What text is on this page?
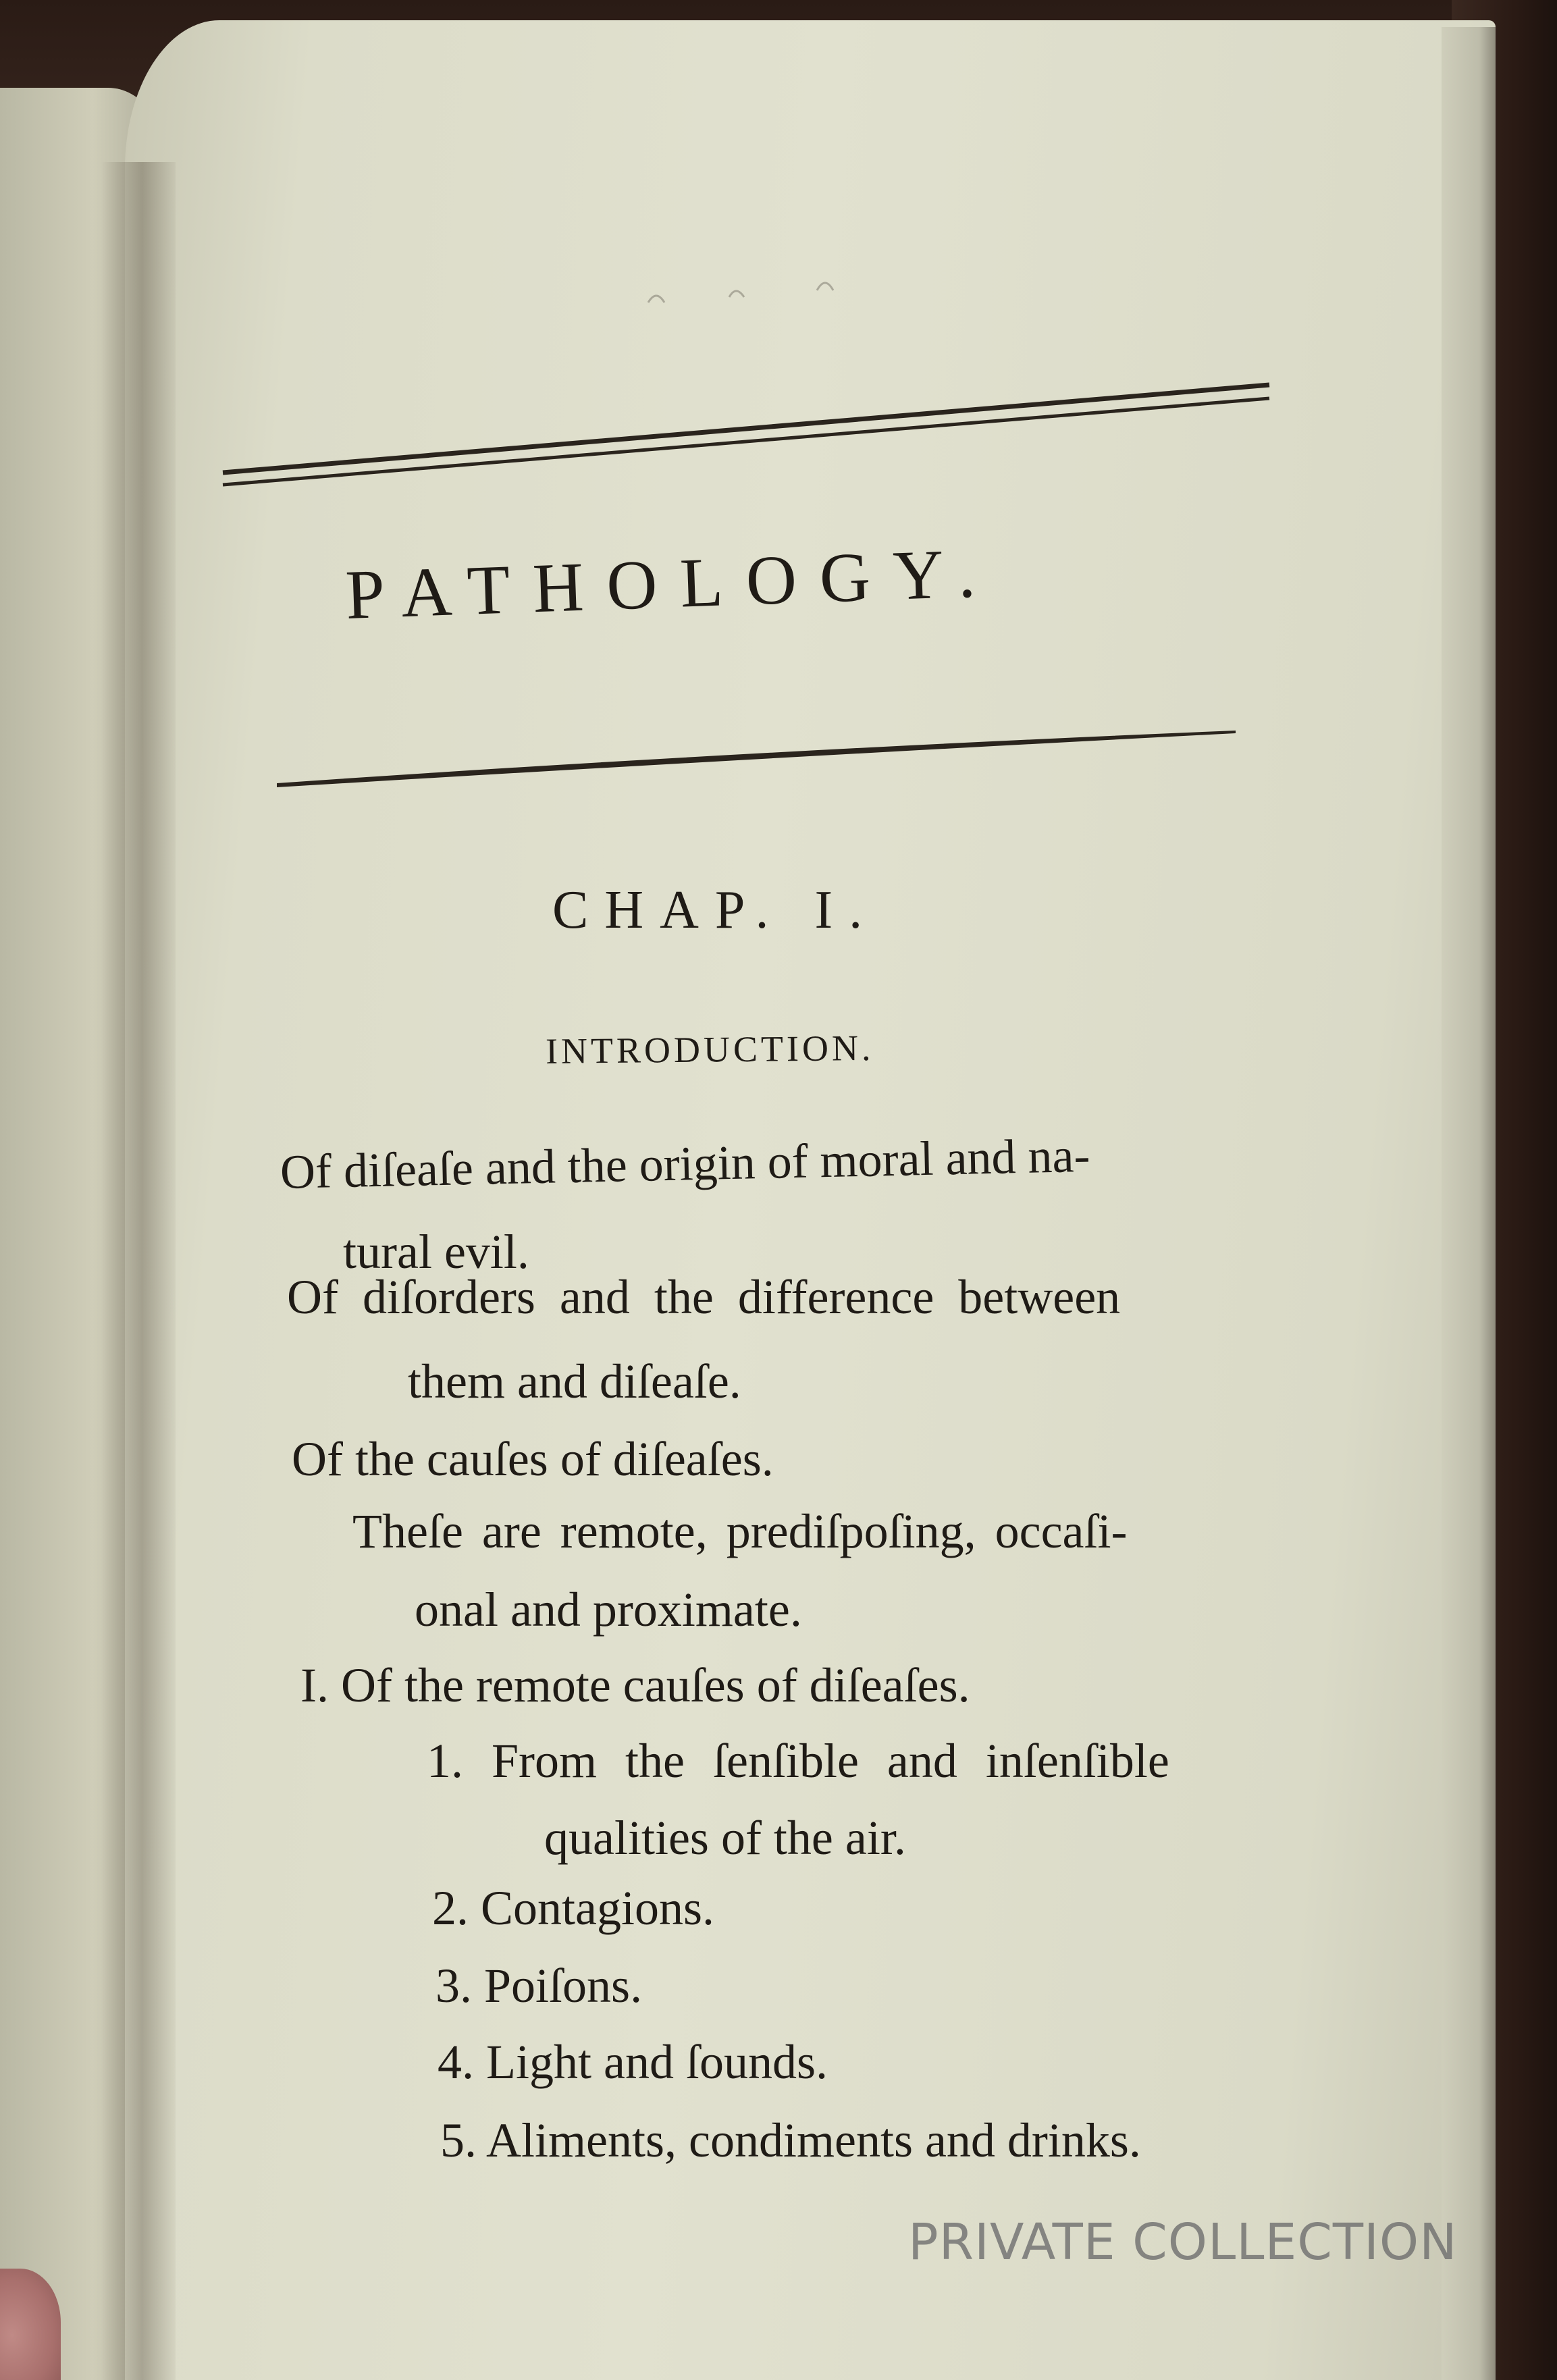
PATHOLOGY.
CHAP. I.
INTRODUCTION.
Of diſeaſe and the origin of moral and na-
tural evil.
Of diſorders and the difference between
them and diſeaſe.
Of the cauſes of diſeaſes.
Theſe are remote, prediſpoſing, occaſi-
onal and proximate.
I. Of the remote cauſes of diſeaſes.
1. From the ſenſible and inſenſible
qualities of the air.
2. Contagions.
3. Poiſons.
4. Light and ſounds.
5. Aliments, condiments and drinks.
PRIVATE COLLECTION
